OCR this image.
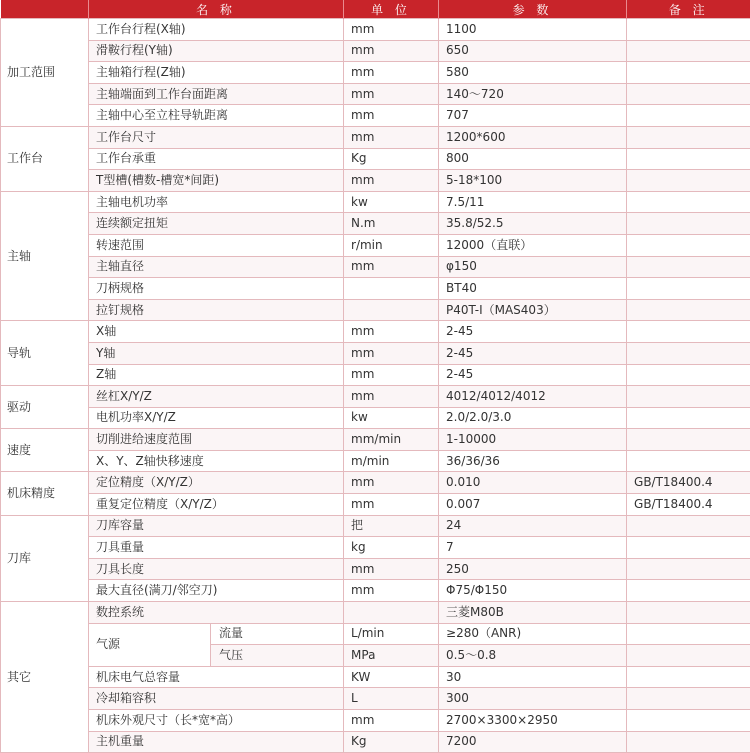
	名 称		单 位	参 数	备 注
加工范围	工作台行程(X轴)		mm	1100	
	滑鞍行程(Y轴)		mm	650	
	主轴箱行程(Z轴)		mm	580	
	主轴端面到工作台面距离		mm	140～720	
	主轴中心至立柱导轨距离		mm	707	
工作台	工作台尺寸		mm	1200*600	
	工作台承重		Kg	800	
	T型槽(槽数-槽宽*间距)		mm	5-18*100	
主轴	主轴电机功率		kw	7.5/11	
	连续额定扭矩		N.m	35.8/52.5	
	转速范围		r/min	12000（直联）	
	主轴直径		mm	φ150	
	刀柄规格			BT40	
	拉钉规格			P40T-I（MAS403）	
导轨	X轴		mm	2-45	
	Y轴		mm	2-45	
	Z轴		mm	2-45	
驱动	丝杠X/Y/Z		mm	4012/4012/4012	
	电机功率X/Y/Z		kw	2.0/2.0/3.0	
速度	切削进给速度范围		mm/min	1-10000	
	X、Y、Z轴快移速度		m/min	36/36/36	
机床精度	定位精度（X/Y/Z）		mm	0.010	GB/T18400.4
	重复定位精度（X/Y/Z）		mm	0.007	GB/T18400.4
刀库	刀库容量		把	24	
	刀具重量		kg	7	
	刀具长度		mm	250	
	最大直径(满刀/邻空刀)		mm	Φ75/Φ150	
其它	数控系统			三菱M80B	
	气源	流量	L/min	≥280（ANR)	
		气压	MPa	0.5～0.8	
	机床电气总容量		KW	30	
	冷却箱容积		L	300	
	机床外观尺寸（长*宽*高）		mm	2700×3300×2950	
	主机重量		Kg	7200	
